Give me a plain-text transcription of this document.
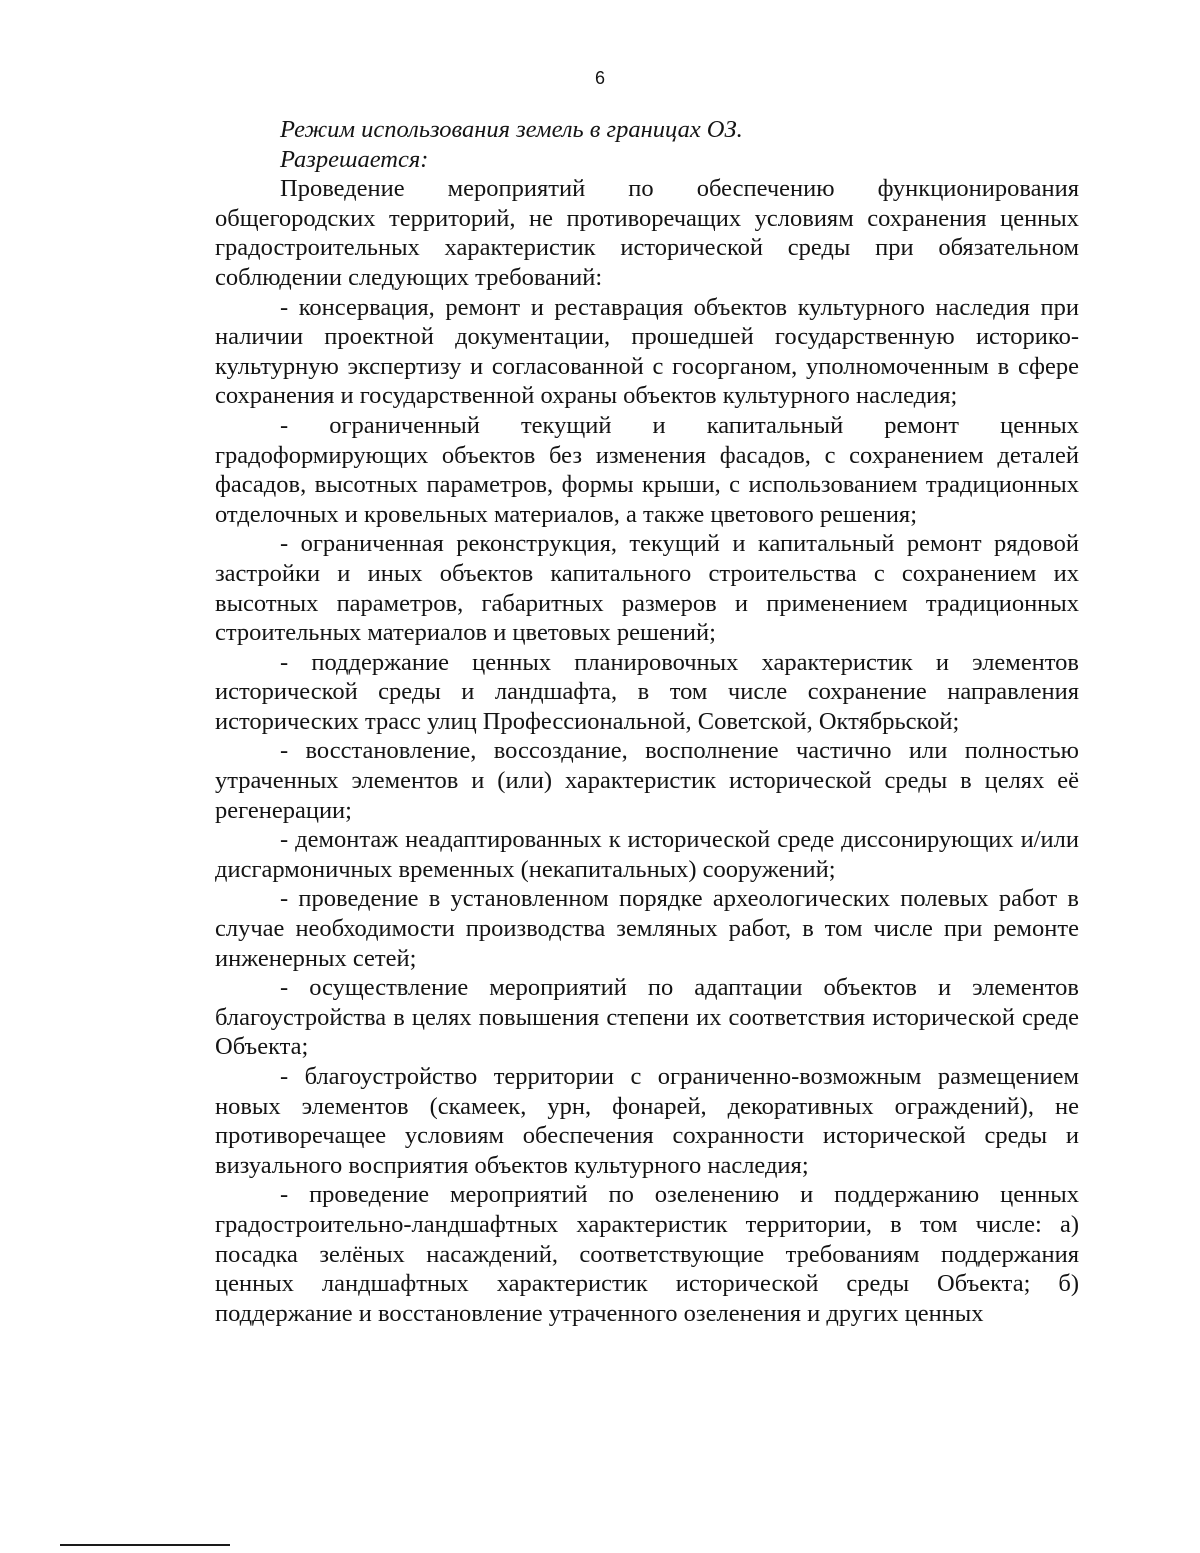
6

Режим использования земель в границах ОЗ.

Разрешается:

Проведение мероприятий по обеспечению функционирования общегородских территорий, не противоречащих условиям сохранения ценных градостроительных характеристик исторической среды при обязательном соблюдении следующих требований:

- консервация, ремонт и реставрация объектов культурного наследия при наличии проектной документации, прошедшей государственную историко-культурную экспертизу и согласованной с госорганом, уполномоченным в сфере сохранения и государственной охраны объектов культурного наследия;

- ограниченный текущий и капитальный ремонт ценных градоформирующих объектов без изменения фасадов, с сохранением деталей фасадов, высотных параметров, формы крыши, с использованием традиционных отделочных и кровельных материалов, а также цветового решения;

- ограниченная реконструкция, текущий и капитальный ремонт рядовой застройки и иных объектов капитального строительства с сохранением их высотных параметров, габаритных размеров и применением традиционных строительных материалов и цветовых решений;

- поддержание ценных планировочных характеристик и элементов исторической среды и ландшафта, в том числе сохранение направления исторических трасс улиц Профессиональной, Советской, Октябрьской;

- восстановление, воссоздание, восполнение частично или полностью утраченных элементов и (или) характеристик исторической среды в целях её регенерации;

- демонтаж неадаптированных к исторической среде диссонирующих и/или дисгармоничных временных (некапитальных) сооружений;

- проведение в установленном порядке археологических полевых работ в случае необходимости производства земляных работ, в том числе при ремонте инженерных сетей;

- осуществление мероприятий по адаптации объектов и элементов благоустройства в целях повышения степени их соответствия исторической среде Объекта;

- благоустройство территории с ограниченно-возможным размещением новых элементов (скамеек, урн, фонарей, декоративных ограждений), не противоречащее условиям обеспечения сохранности исторической среды и визуального восприятия объектов культурного наследия;

- проведение мероприятий по озеленению и поддержанию ценных градостроительно-ландшафтных характеристик территории, в том числе: а) посадка зелёных насаждений, соответствующие требованиям поддержания ценных ландшафтных характеристик исторической среды Объекта; б) поддержание и восстановление утраченного озеленения и других ценных
